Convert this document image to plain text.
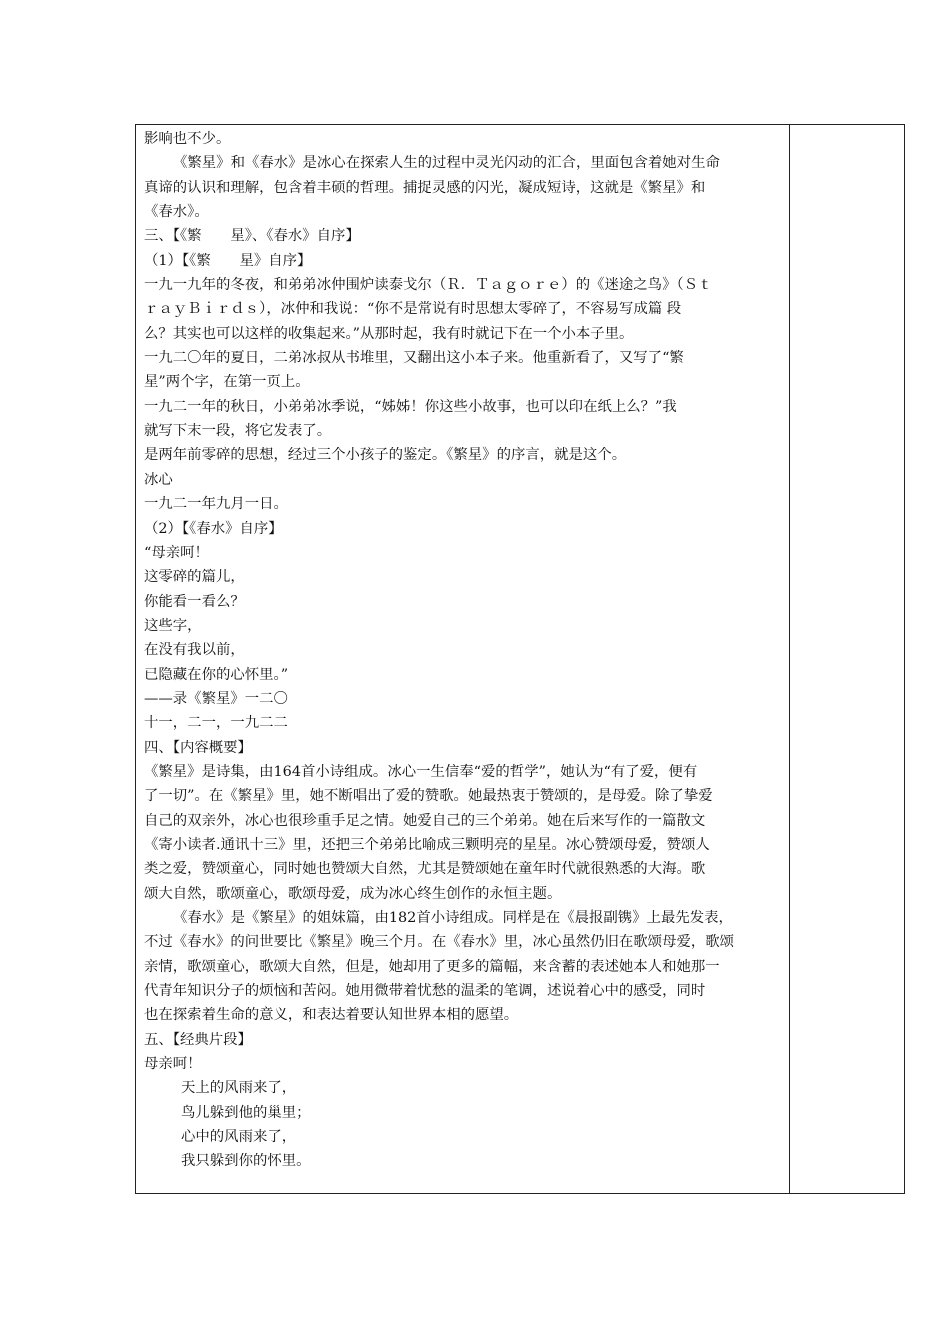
影响也不少。
《繁星》和《春水》是冰心在探索人生的过程中灵光闪动的汇合，里面包含着她对生命
真谛的认识和理解，包含着丰硕的哲理。捕捉灵感的闪光，凝成短诗，这就是《繁星》和
《春水》。
三、【《繁　　星》、《春水》自序】
（1）【《繁　　星》自序】
一九一九年的冬夜，和弟弟冰仲围炉读泰戈尔（Ｒ．Ｔａｇｏｒｅ）的《迷途之鸟》（Ｓｔ
ｒａｙＢｉｒｄｓ），冰仲和我说：“你不是常说有时思想太零碎了，不容易写成篇 段
么？其实也可以这样的收集起来。”从那时起，我有时就记下在一个小本子里。
一九二〇年的夏日，二弟冰叔从书堆里，又翻出这小本子来。他重新看了，又写了“繁
星”两个字，在第一页上。
一九二一年的秋日，小弟弟冰季说，“姊姊！你这些小故事，也可以印在纸上么？”我
就写下末一段，将它发表了。
是两年前零碎的思想，经过三个小孩子的鉴定。《繁星》的序言，就是这个。
冰心
一九二一年九月一日。
（2）【《春水》自序】
“母亲呵！
这零碎的篇儿，
你能看一看么？
这些字，
在没有我以前，
已隐藏在你的心怀里。”
——录《繁星》一二〇
十一，二一，一九二二
四、【内容概要】
《繁星》是诗集，由164首小诗组成。冰心一生信奉“爱的哲学”，她认为“有了爱，便有
了一切”。在《繁星》里，她不断唱出了爱的赞歌。她最热衷于赞颂的，是母爱。除了挚爱
自己的双亲外，冰心也很珍重手足之情。她爱自己的三个弟弟。她在后来写作的一篇散文
《寄小读者.通讯十三》里，还把三个弟弟比喻成三颗明亮的星星。冰心赞颂母爱，赞颂人
类之爱，赞颂童心，同时她也赞颂大自然，尤其是赞颂她在童年时代就很熟悉的大海。歌
颂大自然，歌颂童心，歌颂母爱，成为冰心终生创作的永恒主题。
《春水》是《繁星》的姐妹篇，由182首小诗组成。同样是在《晨报副镌》上最先发表，
不过《春水》的问世要比《繁星》晚三个月。在《春水》里，冰心虽然仍旧在歌颂母爱，歌颂
亲情，歌颂童心，歌颂大自然，但是，她却用了更多的篇幅，来含蓄的表述她本人和她那一
代青年知识分子的烦恼和苦闷。她用微带着忧愁的温柔的笔调，述说着心中的感受，同时
也在探索着生命的意义，和表达着要认知世界本相的愿望。
五、【经典片段】
母亲呵！
天上的风雨来了，
鸟儿躲到他的巢里；
心中的风雨来了，
我只躲到你的怀里。
